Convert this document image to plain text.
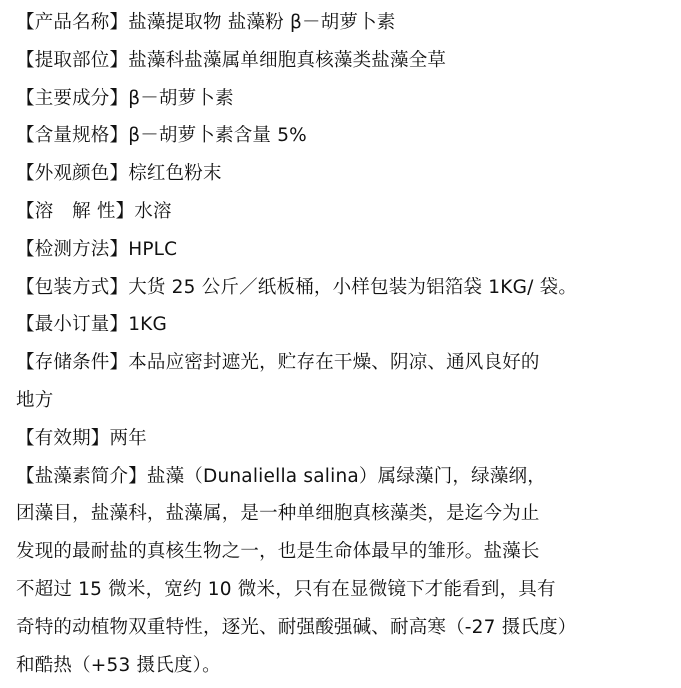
【产品名称】盐藻提取物 盐藻粉 β－胡萝卜素
【提取部位】盐藻科盐藻属单细胞真核藻类盐藻全草
【主要成分】β－胡萝卜素
【含量规格】β－胡萝卜素含量 5%
【外观颜色】棕红色粉末
【溶　解 性】水溶
【检测方法】HPLC
【包装方式】大货 25 公斤／纸板桶，小样包装为铝箔袋 1KG/ 袋。
【最小订量】1KG
【存储条件】本品应密封遮光，贮存在干燥、阴凉、通风良好的
地方
【有效期】两年
【盐藻素简介】盐藻（Dunaliella salina）属绿藻门，绿藻纲，
团藻目，盐藻科，盐藻属，是一种单细胞真核藻类，是迄今为止
发现的最耐盐的真核生物之一，也是生命体最早的雏形。盐藻长
不超过 15 微米，宽约 10 微米，只有在显微镜下才能看到，具有
奇特的动植物双重特性，逐光、耐强酸强碱、耐高寒（-27 摄氏度）
和酷热（+53 摄氏度）。
